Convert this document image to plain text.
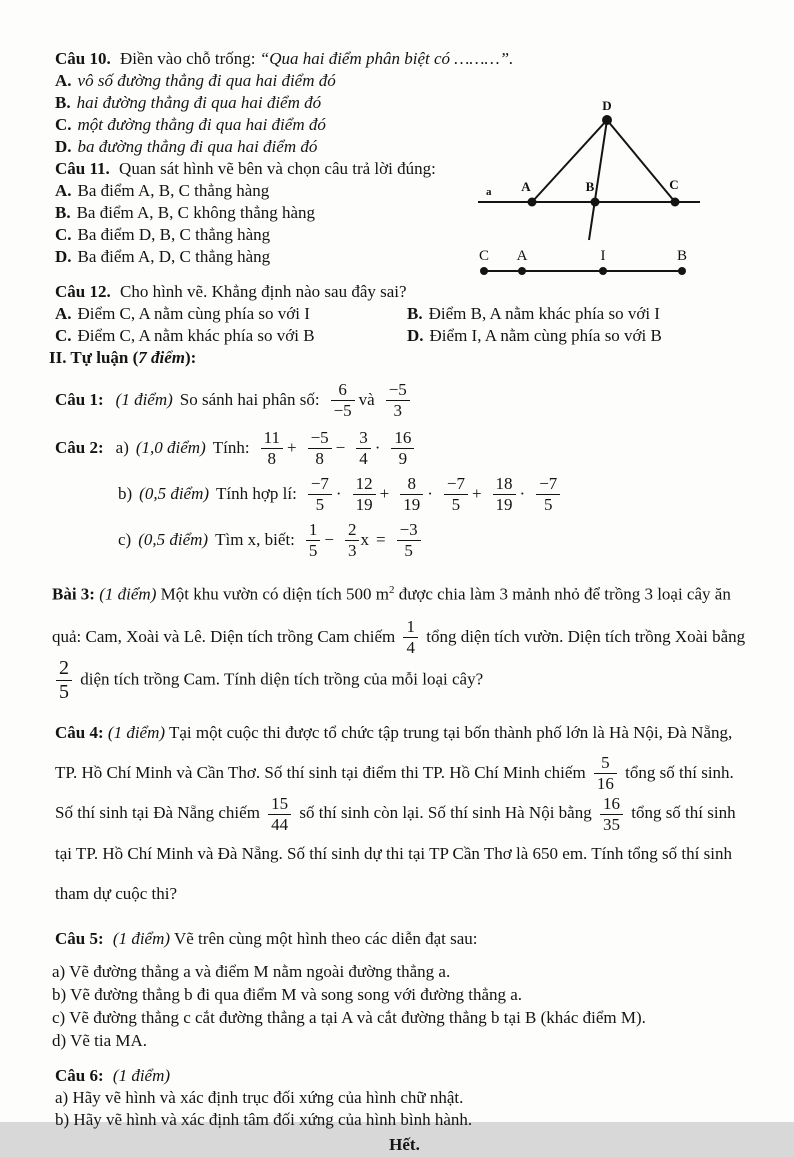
Câu 10. Điền vào chỗ trống: “Qua hai điểm phân biệt có ………”.

A. vô số đường thẳng đi qua hai điểm đó

B. hai đường thẳng đi qua hai điểm đó

C. một đường thẳng đi qua hai điểm đó

D. ba đường thẳng đi qua hai điểm đó

Câu 11. Quan sát hình vẽ bên và chọn câu trả lời đúng:

A. Ba điểm A, B, C thẳng hàng

B. Ba điểm A, B, C không thẳng hàng

C. Ba điểm D, B, C thẳng hàng

D. Ba điểm A, D, C thẳng hàng

D
a A	B	C
C A	I	B

Câu 12. Cho hình vẽ. Khẳng định nào sau đây sai?

A. Điểm C, A nằm cùng phía so với I	B. Điểm B, A nằm khác phía so với I

C. Điểm C, A nằm khác phía so với B	D. Điểm I, A nằm cùng phía so với B

II. Tự luận (7 điểm):

Câu 1: (1 điểm) So sánh hai phân số: $\frac{6}{-5}$ và $\frac{-5}{3}$
Câu 2: a) (1,0 điểm) Tính: $\frac{11}{8} + \frac{-5}{8} - \frac{3}{4} \cdot \frac{16}{9}$
b) (0,5 điểm) Tính hợp lí: $\frac{-7}{5} \cdot \frac{12}{19} + \frac{8}{19} \cdot \frac{-7}{5} + \frac{18}{19} \cdot \frac{-7}{5}$
c) (0,5 điểm) Tìm x, biết: $\frac{1}{5} - \frac{2}{3}$ $x = \frac{-3}{5}$

Bài 3: (1 điểm) Một khu vườn có diện tích 500 $m^2$ được chia làm 3 mảnh nhỏ để trồng 3 loại cây ăn quả: Cam, Xoài và Lê. Diện tích trồng Cam chiếm $\frac{1}{4}$ tổng diện tích vườn. Diện tích trồng Xoài bằng
$\frac{2}{5}$ diện tích trồng Cam. Tính diện tích trồng của mỗi loại cây?

Câu 4: (1 điểm) Tại một cuộc thi được tổ chức tập trung tại bốn thành phố lớn là Hà Nội, Đà Nẵng, TP. Hồ Chí Minh và Cần Thơ. Số thí sinh tại điểm thi TP. Hồ Chí Minh chiếm $\frac{5}{16}$ tổng số thí sinh. Số thí sinh tại Đà Nẵng chiếm $\frac{15}{44}$ số thí sinh còn lại. Số thí sinh Hà Nội bằng $\frac{16}{35}$ tổng số thí sinh tại TP. Hồ Chí Minh và Đà Nẵng. Số thí sinh dự thi tại TP Cần Thơ là 650 em. Tính tổng số thí sinh tham dự cuộc thi?

Câu 5: (1 điểm) Vẽ trên cùng một hình theo các diễn đạt sau:

a) Vẽ đường thẳng a và điểm M nằm ngoài đường thẳng a.

b) Vẽ đường thẳng b đi qua điểm M và song song với đường thẳng a.

c) Vẽ đường thẳng c cắt đường thẳng a tại A và cắt đường thẳng b tại B (khác điểm M).

d) Vẽ tia MA.

Câu 6: (1 điểm)

a) Hãy vẽ hình và xác định trục đối xứng của hình chữ nhật.

b) Hãy vẽ hình và xác định tâm đối xứng của hình bình hành.

Hết.
